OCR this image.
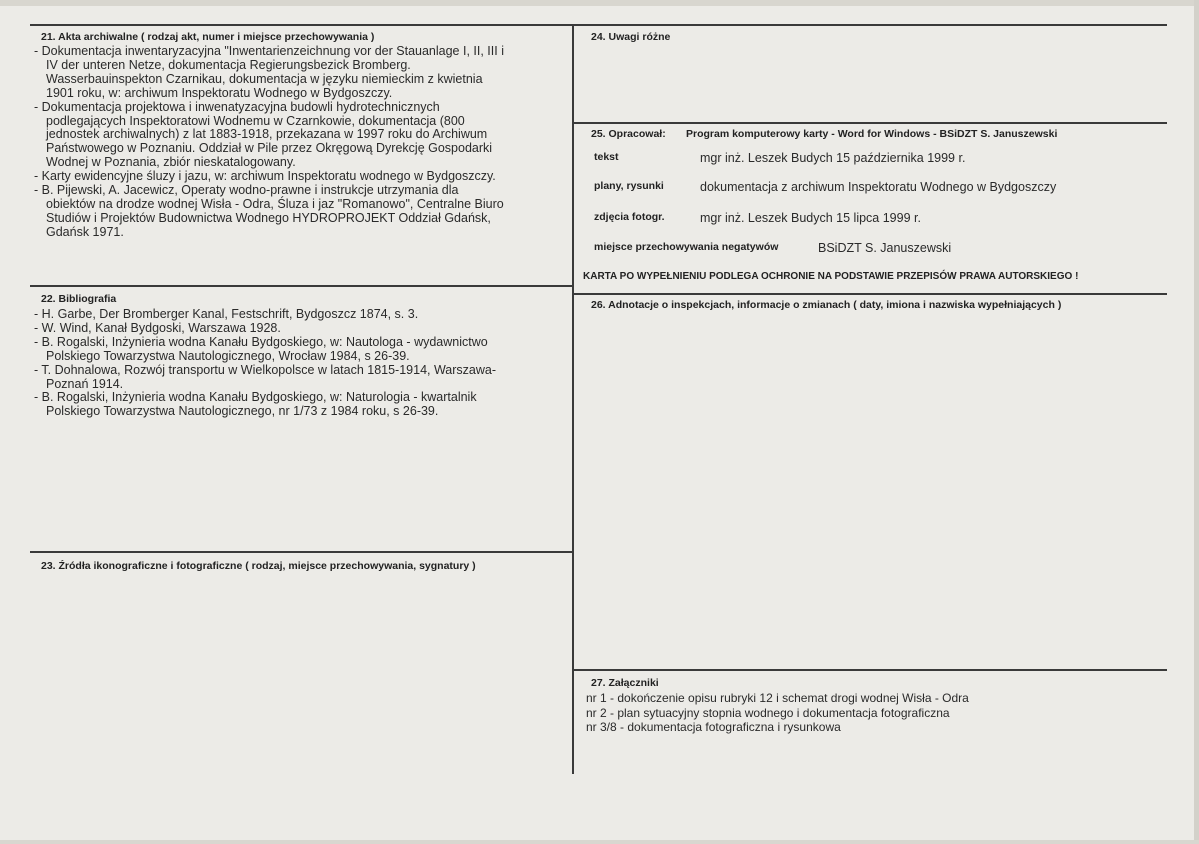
21. Akta archiwalne ( rodzaj akt, numer i miejsce przechowywania )
- Dokumentacja inwentaryzacyjna "Inwentarienzeichnung vor der Stauanlage I, II, III i
IV der unteren Netze, dokumentacja Regierungsbezick Bromberg.
Wasserbauinspekton Czarnikau, dokumentacja w języku niemieckim z kwietnia
1901 roku, w: archiwum Inspektoratu Wodnego w Bydgoszczy.
- Dokumentacja projektowa i inwenatyzacyjna budowli hydrotechnicznych
podlegających Inspektoratowi Wodnemu w Czarnkowie, dokumentacja (800
jednostek archiwalnych) z lat 1883-1918, przekazana w 1997 roku do Archiwum
Państwowego w Poznaniu. Oddział w Pile przez Okręgową Dyrekcję Gospodarki
Wodnej w Poznania, zbiór nieskatalogowany.
- Karty ewidencyjne śluzy i jazu, w: archiwum Inspektoratu wodnego w Bydgoszczy.
- B. Pijewski, A. Jacewicz, Operaty wodno-prawne i instrukcje utrzymania dla
obiektów na drodze wodnej Wisła - Odra, Śluza i jaz "Romanowo", Centralne Biuro
Studiów i Projektów Budownictwa Wodnego HYDROPROJEKT Oddział Gdańsk,
Gdańsk 1971.
22. Bibliografia
- H. Garbe, Der Bromberger Kanal, Festschrift, Bydgoszcz 1874, s. 3.
- W. Wind, Kanał Bydgoski, Warszawa 1928.
- B. Rogalski, Inżynieria wodna Kanału Bydgoskiego, w: Nautologa - wydawnictwo
Polskiego Towarzystwa Nautologicznego, Wrocław 1984, s 26-39.
- T. Dohnalowa, Rozwój transportu w Wielkopolsce w latach 1815-1914, Warszawa-
Poznań 1914.
- B. Rogalski, Inżynieria wodna Kanału Bydgoskiego, w: Naturologia - kwartalnik
Polskiego Towarzystwa Nautologicznego, nr 1/73 z 1984 roku, s 26-39.
23. Źródła ikonograficzne i fotograficzne ( rodzaj, miejsce przechowywania, sygnatury )
24. Uwagi różne
25. Opracował: Program komputerowy karty - Word for Windows - BSiDZT S. Januszewski
tekst	mgr inż. Leszek Budych 15 października 1999 r.
plany, rysunki	dokumentacja z archiwum Inspektoratu Wodnego w Bydgoszczy
zdjęcia fotogr.	mgr inż. Leszek Budych 15 lipca 1999 r.
miejsce przechowywania negatywów	BSiDZT S. Januszewski
KARTA PO WYPEŁNIENIU PODLEGA OCHRONIE NA PODSTAWIE PRZEPISÓW PRAWA AUTORSKIEGO !
26. Adnotacje o inspekcjach, informacje o zmianach ( daty, imiona i nazwiska wypełniających )
27. Załączniki
nr 1 - dokończenie opisu rubryki 12 i schemat drogi wodnej Wisła - Odra
nr 2 - plan sytuacyjny stopnia wodnego i dokumentacja fotograficzna
nr 3/8 - dokumentacja fotograficzna i rysunkowa
